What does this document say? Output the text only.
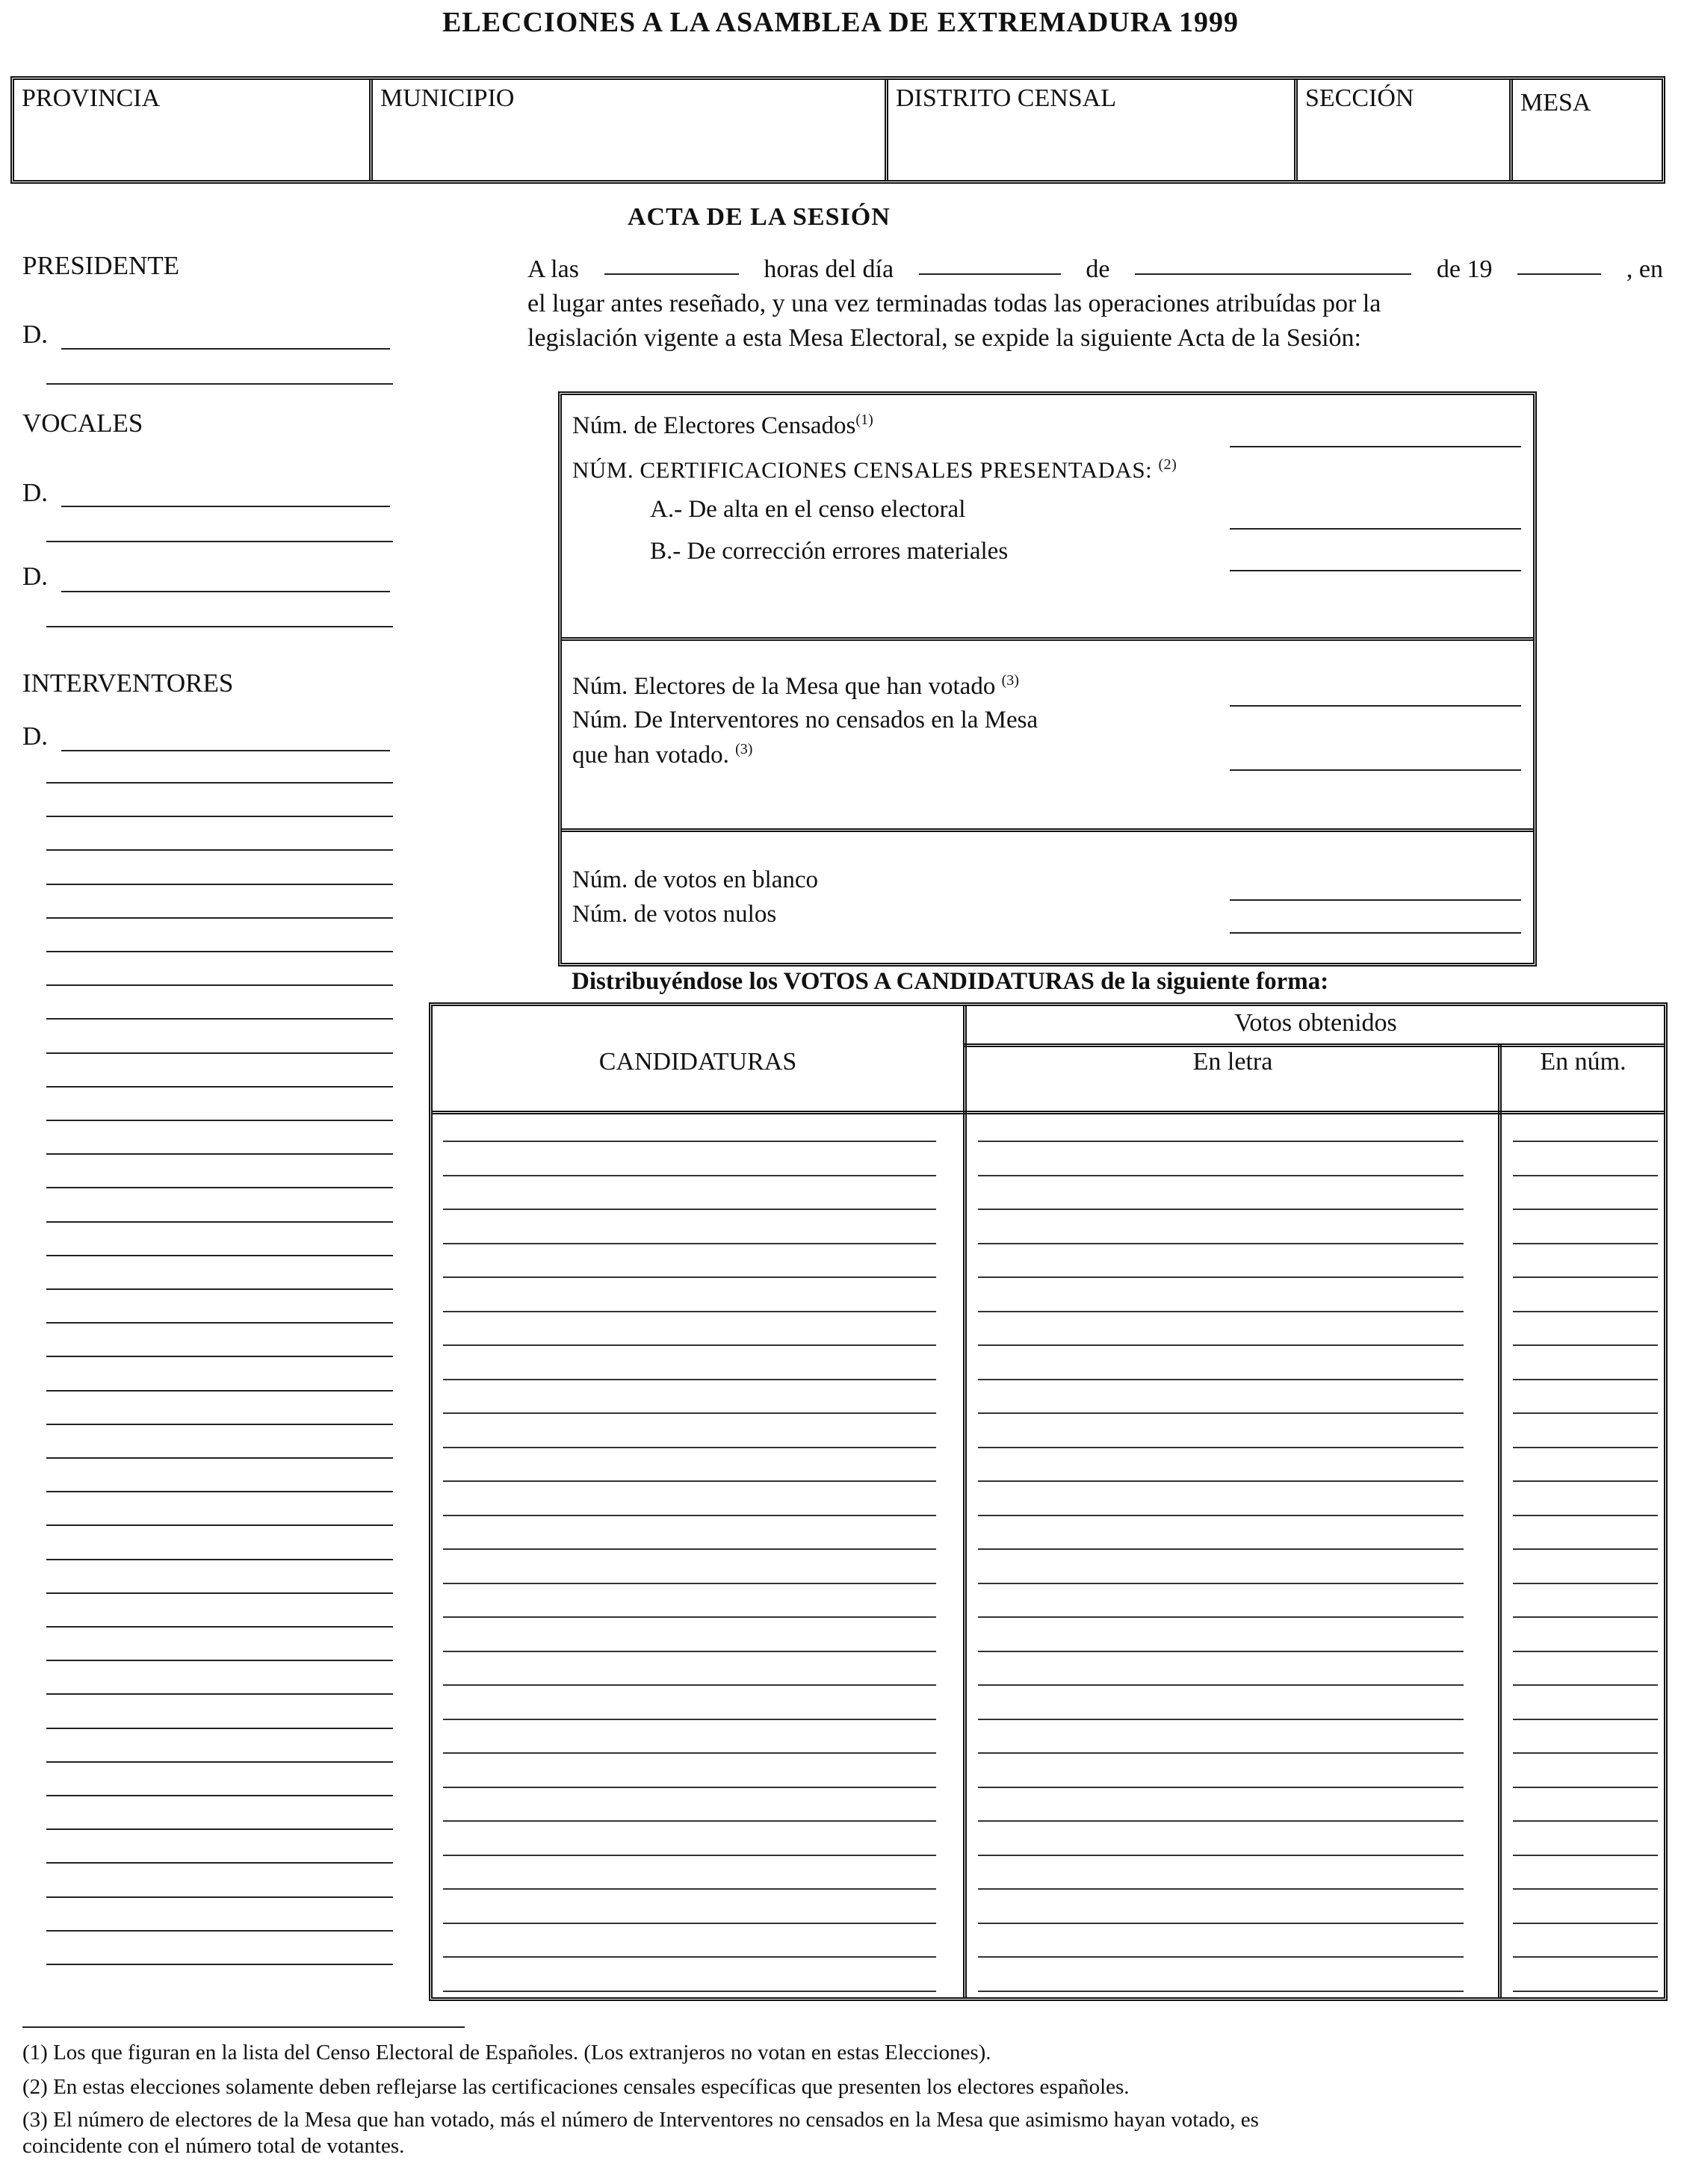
ELECCIONES A LA ASAMBLEA DE EXTREMADURA 1999
PROVINCIA	MUNICIPIO	DISTRITO CENSAL	SECCIÓN	MESA
ACTA DE LA SESIÓN
PRESIDENTE
D.
VOCALES
D.
D.
INTERVENTORES
D.
A las	horas del día	de	de 19	, en
el lugar antes reseñado, y una vez terminadas todas las operaciones atribuídas por la
legislación vigente a esta Mesa Electoral, se expide la siguiente Acta de la Sesión:
Núm. de Electores Censados$^{(1)}$
NÚM. CERTIFICACIONES CENSALES PRESENTADAS: $^{(2)}$
A.- De alta en el censo electoral
B.- De corrección errores materiales
Núm. Electores de la Mesa que han votado $^{(3)}$
Núm. De Interventores no censados en la Mesa
que han votado. $^{(3)}$
Núm. de votos en blanco
Núm. de votos nulos
Distribuyéndose los VOTOS A CANDIDATURAS de la siguiente forma:
CANDIDATURAS
Votos obtenidos
En letra	En núm.
(1) Los que figuran en la lista del Censo Electoral de Españoles. (Los extranjeros no votan en estas Elecciones).
(2) En estas elecciones solamente deben reflejarse las certificaciones censales específicas que presenten los electores españoles.
(3) El número de electores de la Mesa que han votado, más el número de Interventores no censados en la Mesa que asimismo hayan votado, es
coincidente con el número total de votantes.
